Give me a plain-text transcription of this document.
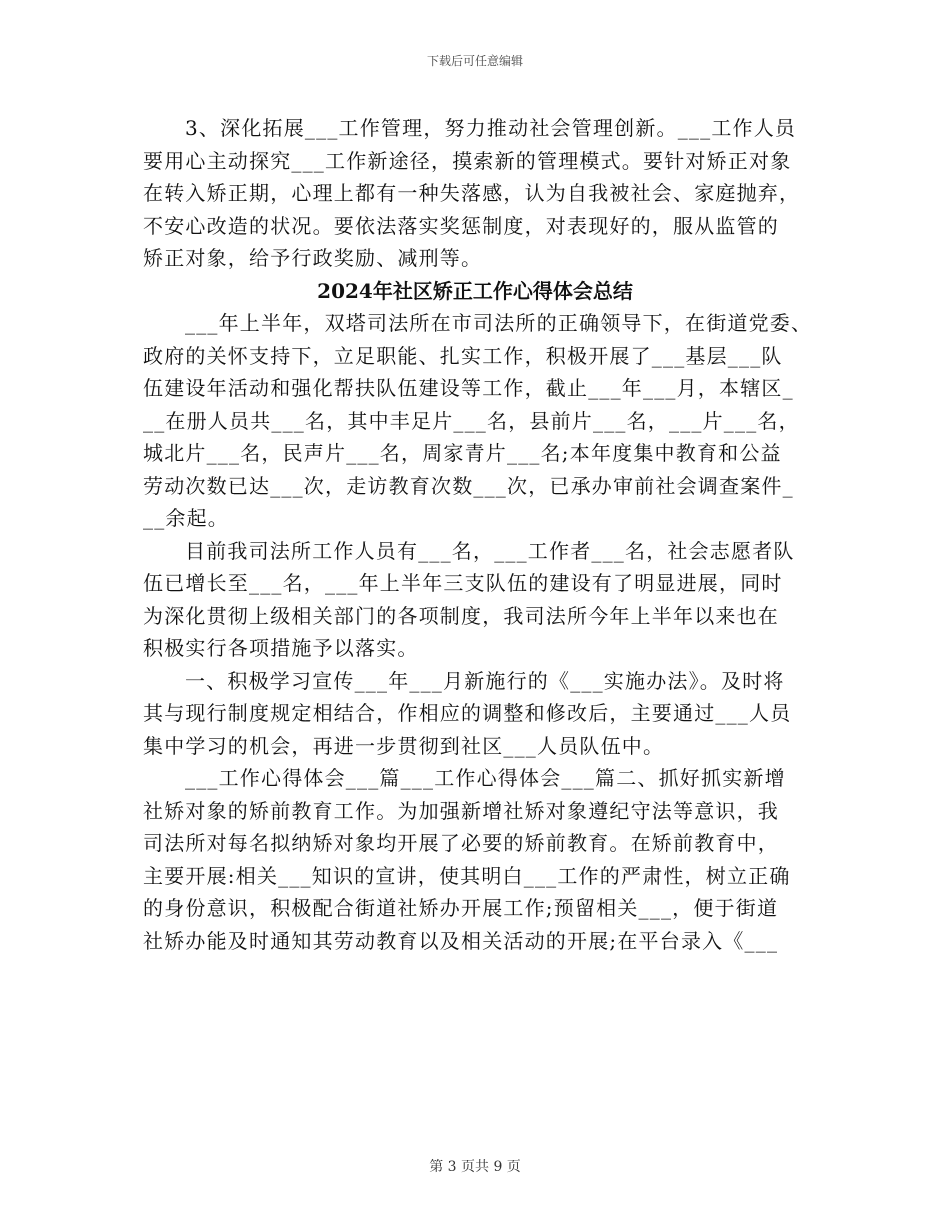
下载后可任意编辑
3、深化拓展___工作管理，努力推动社会管理创新。___工作人员
要用心主动探究___工作新途径，摸索新的管理模式。要针对矫正对象
在转入矫正期，心理上都有一种失落感，认为自我被社会、家庭抛弃，
不安心改造的状况。要依法落实奖惩制度，对表现好的，服从监管的
矫正对象，给予行政奖励、减刑等。
2024年社区矫正工作心得体会总结
___年上半年，双塔司法所在市司法所的正确领导下，在街道党委、
政府的关怀支持下，立足职能、扎实工作，积极开展了___基层___队
伍建设年活动和强化帮扶队伍建设等工作，截止___年___月，本辖区_
__在册人员共___名，其中丰足片___名，县前片___名，___片___名，
城北片___名，民声片___名，周家青片___名;本年度集中教育和公益
劳动次数已达___次，走访教育次数___次，已承办审前社会调查案件_
__余起。
目前我司法所工作人员有___名，___工作者___名，社会志愿者队
伍已增长至___名，___年上半年三支队伍的建设有了明显进展，同时
为深化贯彻上级相关部门的各项制度，我司法所今年上半年以来也在
积极实行各项措施予以落实。
一、积极学习宣传___年___月新施行的《___实施办法》。及时将
其与现行制度规定相结合，作相应的调整和修改后，主要通过___人员
集中学习的机会，再进一步贯彻到社区___人员队伍中。
___工作心得体会___篇___工作心得体会___篇二、抓好抓实新增
社矫对象的矫前教育工作。为加强新增社矫对象遵纪守法等意识，我
司法所对每名拟纳矫对象均开展了必要的矫前教育。在矫前教育中，
主要开展:相关___知识的宣讲，使其明白___工作的严肃性，树立正确
的身份意识，积极配合街道社矫办开展工作;预留相关___，便于街道
社矫办能及时通知其劳动教育以及相关活动的开展;在平台录入《___
第 3 页共 9 页
